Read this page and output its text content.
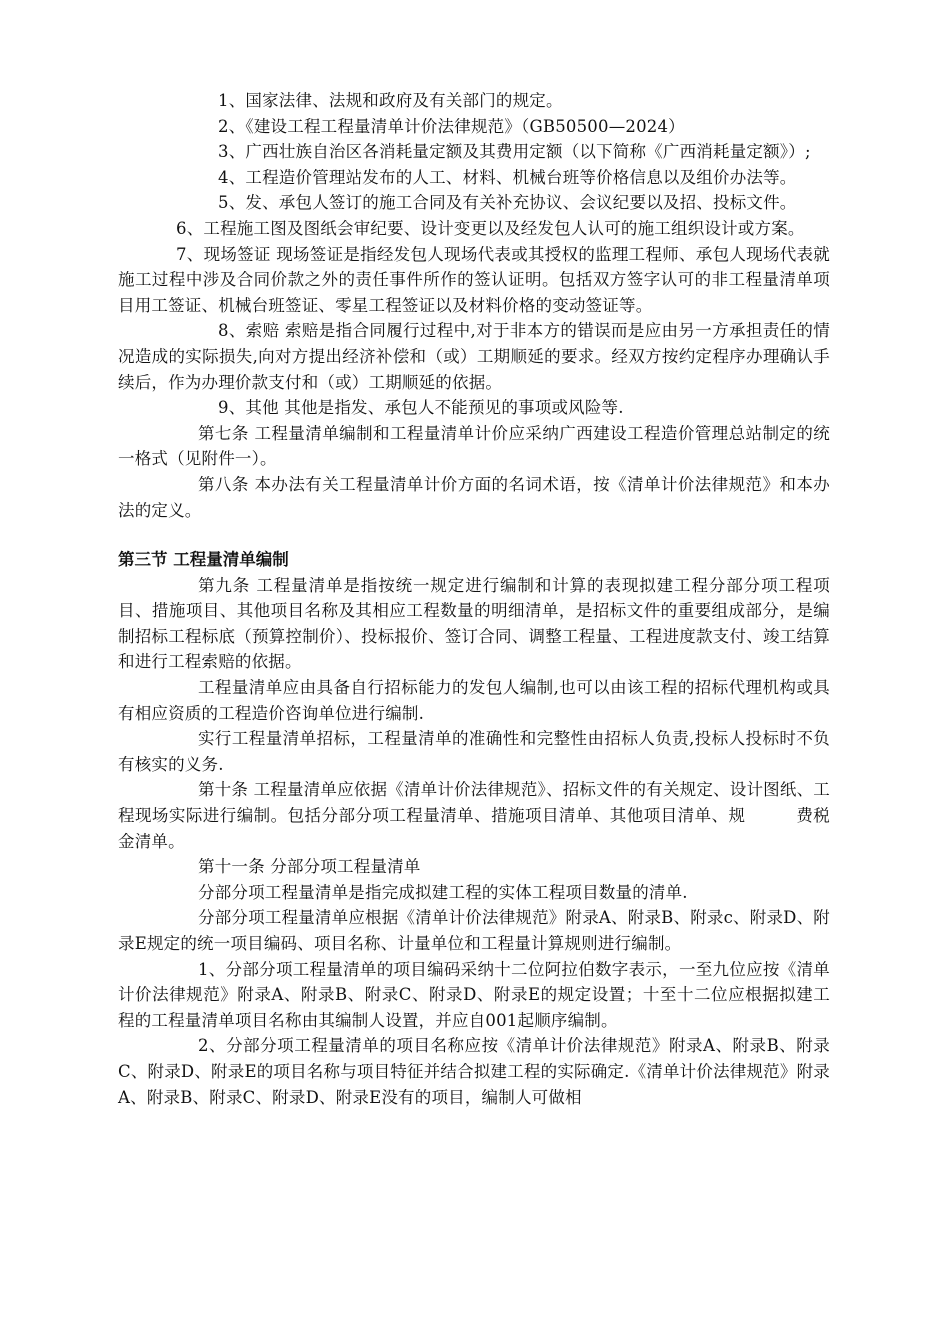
1、国家法律、法规和政府及有关部门的规定。

2、《建设工程工程量清单计价法律规范》（GB50500—2024）

3、广西壮族自治区各消耗量定额及其费用定额（以下简称《广西消耗量定额》）;

4、工程造价管理站发布的人工、材料、机械台班等价格信息以及组价办法等。

5、发、承包人签订的施工合同及有关补充协议、会议纪要以及招、投标文件。

6、工程施工图及图纸会审纪要、设计变更以及经发包人认可的施工组织设计或方案。

7、现场签证 现场签证是指经发包人现场代表或其授权的监理工程师、承包人现场代表就施工过程中涉及合同价款之外的责任事件所作的签认证明。包括双方签字认可的非工程量清单项目用工签证、机械台班签证、零星工程签证以及材料价格的变动签证等。

8、索赔 索赔是指合同履行过程中,对于非本方的错误而是应由另一方承担责任的情况造成的实际损失,向对方提出经济补偿和（或）工期顺延的要求。经双方按约定程序办理确认手续后，作为办理价款支付和（或）工期顺延的依据。

9、其他 其他是指发、承包人不能预见的事项或风险等.

第七条 工程量清单编制和工程量清单计价应采纳广西建设工程造价管理总站制定的统一格式（见附件一）。

第八条 本办法有关工程量清单计价方面的名词术语，按《清单计价法律规范》和本办法的定义。

第三节 工程量清单编制

第九条 工程量清单是指按统一规定进行编制和计算的表现拟建工程分部分项工程项目、措施项目、其他项目名称及其相应工程数量的明细清单，是招标文件的重要组成部分，是编制招标工程标底（预算控制价）、投标报价、签订合同、调整工程量、工程进度款支付、竣工结算和进行工程索赔的依据。

工程量清单应由具备自行招标能力的发包人编制,也可以由该工程的招标代理机构或具有相应资质的工程造价咨询单位进行编制.

实行工程量清单招标，工程量清单的准确性和完整性由招标人负责,投标人投标时不负有核实的义务.

第十条 工程量清单应依据《清单计价法律规范》、招标文件的有关规定、设计图纸、工程现场实际进行编制。包括分部分项工程量清单、措施项目清单、其他项目清单、规　　　费税金清单。

第十一条 分部分项工程量清单

分部分项工程量清单是指完成拟建工程的实体工程项目数量的清单.

分部分项工程量清单应根据《清单计价法律规范》附录A、附录B、附录c、附录D、附录E规定的统一项目编码、项目名称、计量单位和工程量计算规则进行编制。

1、分部分项工程量清单的项目编码采纳十二位阿拉伯数字表示，一至九位应按《清单计价法律规范》附录A、附录B、附录C、附录D、附录E的规定设置；十至十二位应根据拟建工程的工程量清单项目名称由其编制人设置，并应自001起顺序编制。

2、分部分项工程量清单的项目名称应按《清单计价法律规范》附录A、附录B、附录C、附录D、附录E的项目名称与项目特征并结合拟建工程的实际确定.《清单计价法律规范》附录A、附录B、附录C、附录D、附录E没有的项目，编制人可做相
